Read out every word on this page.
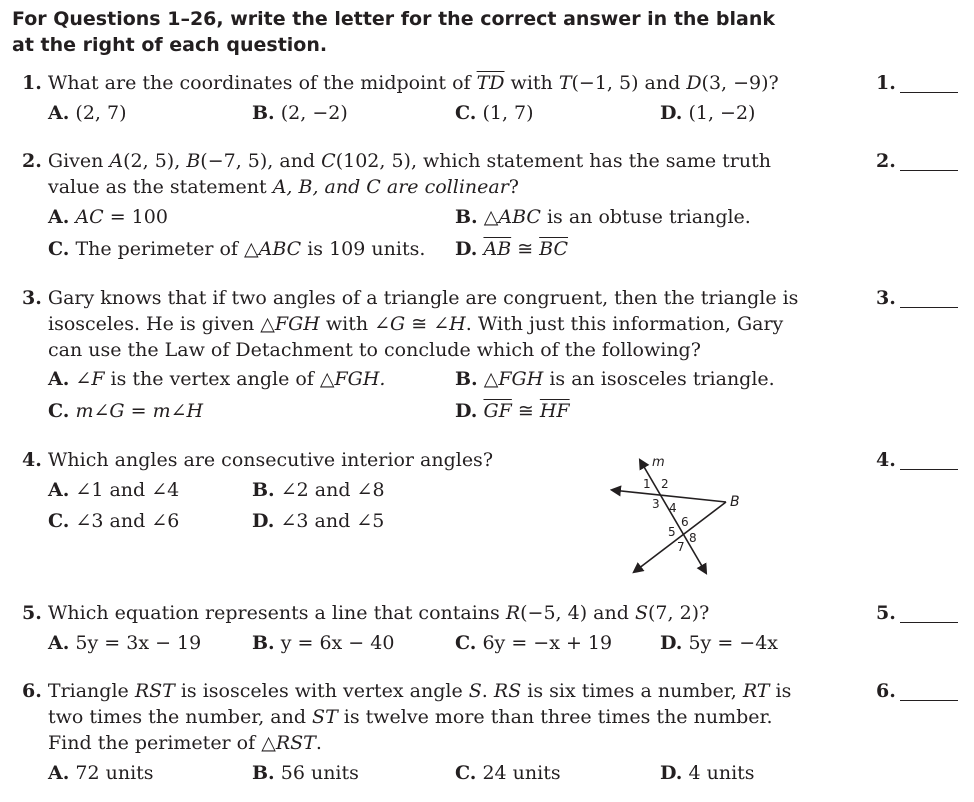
For Questions 1–26, write the letter for the correct answer in the blank
at the right of each question.
1. What are the coordinates of the midpoint of $\overline{TD}$ with T(−1, 5) and D(3, −9)?	1.
A. (2, 7)	B. (2, −2)	C. (1, 7)	D. (1, −2)
2. Given A(2, 5), B(−7, 5), and C(102, 5), which statement has the same truth
value as the statement A, B, and C are collinear?
2.
A. AC = 100	B. △ABC is an obtuse triangle.
C. The perimeter of △ABC is 109 units. D. $\overline{AB}$ ≅ $\overline{BC}$
3. Gary knows that if two angles of a triangle are congruent, then the triangle is
isosceles. He is given △FGH with ∠G ≅ ∠H. With just this information, Gary
can use the Law of Detachment to conclude which of the following?
3.
A. ∠F is the vertex angle of △FGH.	B. △FGH is an isosceles triangle.
C. m∠G = m∠H	D. $\overline{GF}$ ≅ $\overline{HF}$
4. Which angles are consecutive interior angles?	4.
A. ∠1 and ∠4	B. ∠2 and ∠8
C. ∠3 and ∠6	D. ∠3 and ∠5
m
B
1 2
3 4
5
6
7
8
5. Which equation represents a line that contains R(−5, 4) and S(7, 2)?	5.
A. 5y = 3x − 19	B. y = 6x − 40	C. 6y = −x + 19	D. 5y = −4x
6. Triangle RST is isosceles with vertex angle S. RS is six times a number, RT is
two times the number, and ST is twelve more than three times the number.
Find the perimeter of △RST.
6.
A. 72 units	B. 56 units	C. 24 units	D. 4 units
